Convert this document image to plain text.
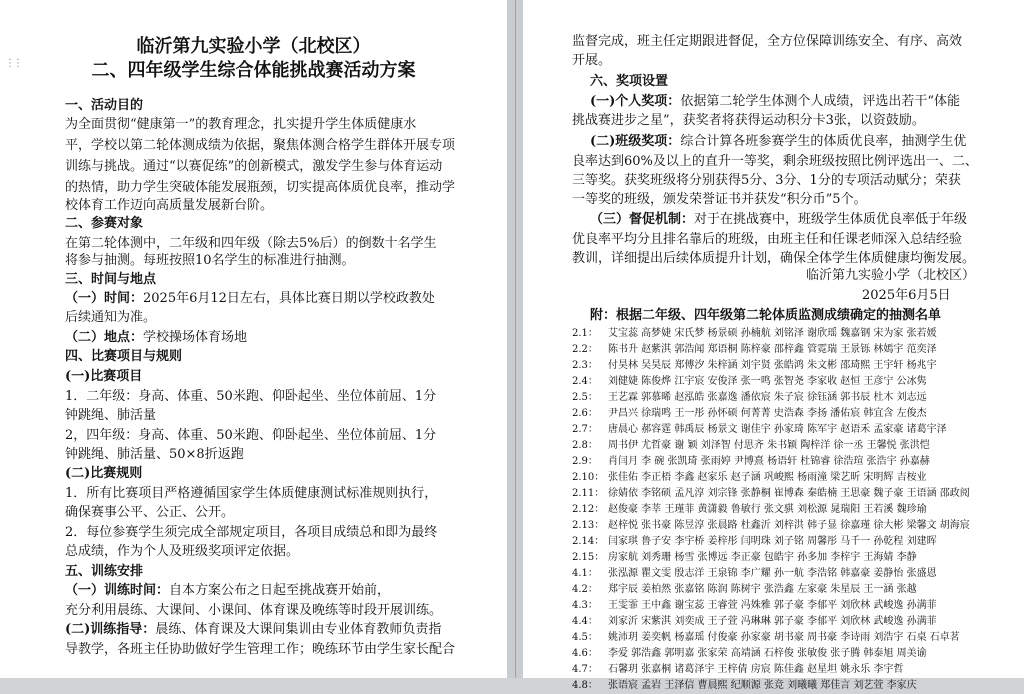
⋮⋮
临沂第九实验小学（北校区）
二、四年级学生综合体能挑战赛活动方案
一、活动目的
为全面贯彻“健康第一”的教育理念，扎实提升学生体质健康水
平，学校以第二轮体测成绩为依据，聚焦体测合格学生群体开展专项
训练与挑战。通过“以赛促练”的创新模式，激发学生参与体育运动
的热情，助力学生突破体能发展瓶颈，切实提高体质优良率，推动学
校体育工作迈向高质量发展新台阶。
二、参赛对象
在第二轮体测中，二年级和四年级（除去5%后）的倒数十名学生
将参与抽测。每班按照10名学生的标准进行抽测。
三、时间与地点
（一）时间：2025年6月12日左右，具体比赛日期以学校政教处
后续通知为准。
（二）地点：学校操场体育场地
四、比赛项目与规则
(一)比赛项目
1．二年级：身高、体重、50米跑、仰卧起坐、坐位体前屈、1分
钟跳绳、肺活量
2，四年级：身高、体重、50米跑、仰卧起坐、坐位体前屈、1分
钟跳绳、肺活量、50×8折返跑
(二)比赛规则
1．所有比赛项目严格遵循国家学生体质健康测试标准规则执行，
确保赛事公平、公正、公开。
2．每位参赛学生须完成全部规定项目，各项目成绩总和即为最终
总成绩，作为个人及班级奖项评定依据。
五、训练安排
（一）训练时间：自本方案公布之日起至挑战赛开始前，
充分利用晨练、大课间、小课间、体育课及晚练等时段开展训练。
(二)训练指导：晨练、体育课及大课间集训由专业体育教师负责指
导教学，各班主任协助做好学生管理工作；晚练环节由学生家长配合
监督完成，班主任定期跟进督促，全方位保障训练安全、有序、高效
开展。
六、奖项设置
(一)个人奖项：依据第二轮学生体测个人成绩，评选出若干“体能
挑战赛进步之星”，获奖者将获得运动积分卡3张，以资鼓励。
(二)班级奖项：综合计算各班参赛学生的体质优良率，抽测学生优
良率达到60%及以上的直升一等奖，剩余班级按照比例评选出一、二、
三等奖。获奖班级将分别获得5分、3分、1分的专项活动赋分；荣获
一等奖的班级，颁发荣誉证书并获发“积分币”5个。
（三）督促机制：对于在挑战赛中，班级学生体质优良率低于年级
优良率平均分且排名靠后的班级，由班主任和任课老师深入总结经验
教训，详细提出后续体质提升计划，确保全体学生体质健康均衡发展。
临沂第九实验小学（北校区）
2025年6月5日
附：根据二年级、四年级第二轮体质监测成绩确定的抽测名单
2.1： 艾宝蕊 高梦婕 宋氏梦 杨景硕 孙楠航 刘铭泽 谢欣瑶 魏嘉钢 宋为家 张若媛
2.2： 陈书升 赵紫淇 郭浩闻 郑语桐 陈梓豪 邵梓鑫 管霓瑞 王景铄 林嫣宇 范奕泽
2.3： 付昊林 吴昊辰 郑傅汐 朱梓涵 刘宇贤 张皓鸿 朱文彬 邵琦熙 王宇轩 杨兆宇
2.4： 刘健婕 陈俊烨 江宇宸 安俊泽 张一鸣 张智尧 李家收 赵恒 王彦宁 公冰隽
2.5： 王艺霖 郭慕晞 赵泓皓 张嘉逸 潘依宸 朱子宸 徐钰涵 郭书辰 杜木 刘志远
2.6： 尹昌兴 徐瑞鸣 王一彤 孙怀硕 何菁菁 史浩森 李扬 潘佑宸 韩宜含 左俊杰
2.7： 唐晨心 郝容霆 韩禹辰 杨景文 谢佳宇 孙家琦 陈军宇 赵语禾 孟家豪 诸葛宇泽
2.8： 周书伊 尤哲豪 谢 颖 刘泽智 付思齐 朱书颖 陶梓洋 徐一丞 王馨悦 张洪恺
2.9： 肖闫月 李 碗 张凯琦 张雨婷 尹博熹 杨语轩 杜锦睿 徐浩瑄 张浩宇 孙嘉赫
2.10： 张佳佑 李正梧 李鑫 赵家乐 赵子涵 巩峻熙 杨雨潼 梁艺昕 宋明辉 吉桉业
2.11： 徐婧依 李铭硕 孟凡淳 刘宗锋 张静桐 崔博森 秦皓楠 王思豪 魏子豪 王语涵 邵政阅
2.12： 赵俊豪 李莘 王瑾菲 黄潇毅 鲁敏行 张文骐 刘松源 晁瑞阳 王若溪 魏珍瑜
2.13： 赵梓悦 张书豪 陈昱淳 张晨路 杜鑫沂 刘梓洪 韩子显 徐嘉瑾 徐大彬 梁馨文 胡海宸
2.14： 闫家琪 鲁子安 李宇桥 姜梓彤 闫明珠 刘子铭 周馨彤 马千一 孙乾程 刘建晖
2.15： 房家航 刘秀珊 杨雪 张博远 李正豪 包皓宇 孙多加 李梓宇 王海婧 李静
4.1： 张泓源 瞿文雯 殷志洋 王泉锦 李广耀 孙一航 李浩铭 韩嘉豪 姜静怡 张盛恩
4.2： 郑宇辰 姜柏然 张嘉铭 陈润 陈树宇 张浩鑫 左家豪 朱星辰 王一涵 张越
4.3： 王雯霏 王中鑫 谢宝蕊 王睿萱 冯姝雅 郭子豪 李郁平 刘欣林 武峻逸 孙满菲
4.4： 刘家沂 宋紫淇 刘奕成 王子萱 冯琳琳 郭子豪 李郁平 刘欣林 武峻逸 孙满菲
4.5： 姚沛玥 姜奕帆 杨嘉瑶 付俊豪 孙家豪 胡书豪 周书豪 李诗雨 刘浩宇 石桌 石卓茗
4.6： 李爱 郭浩鑫 郭明嘉 张家荣 高靖涵 石梓俊 张敏俊 张子腾 韩泰旭 周美谕
4.7： 石馨玥 张嘉桐 诸葛泽宇 王梓倩 房宸 陈佳鑫 赵星坦 姚永乐 李宇哲
4.8： 张语宸 孟岩 王泽信 曹晨熙 纪顺源 张竞 刘曦曦 郑佳言 刘艺萱 李家庆
